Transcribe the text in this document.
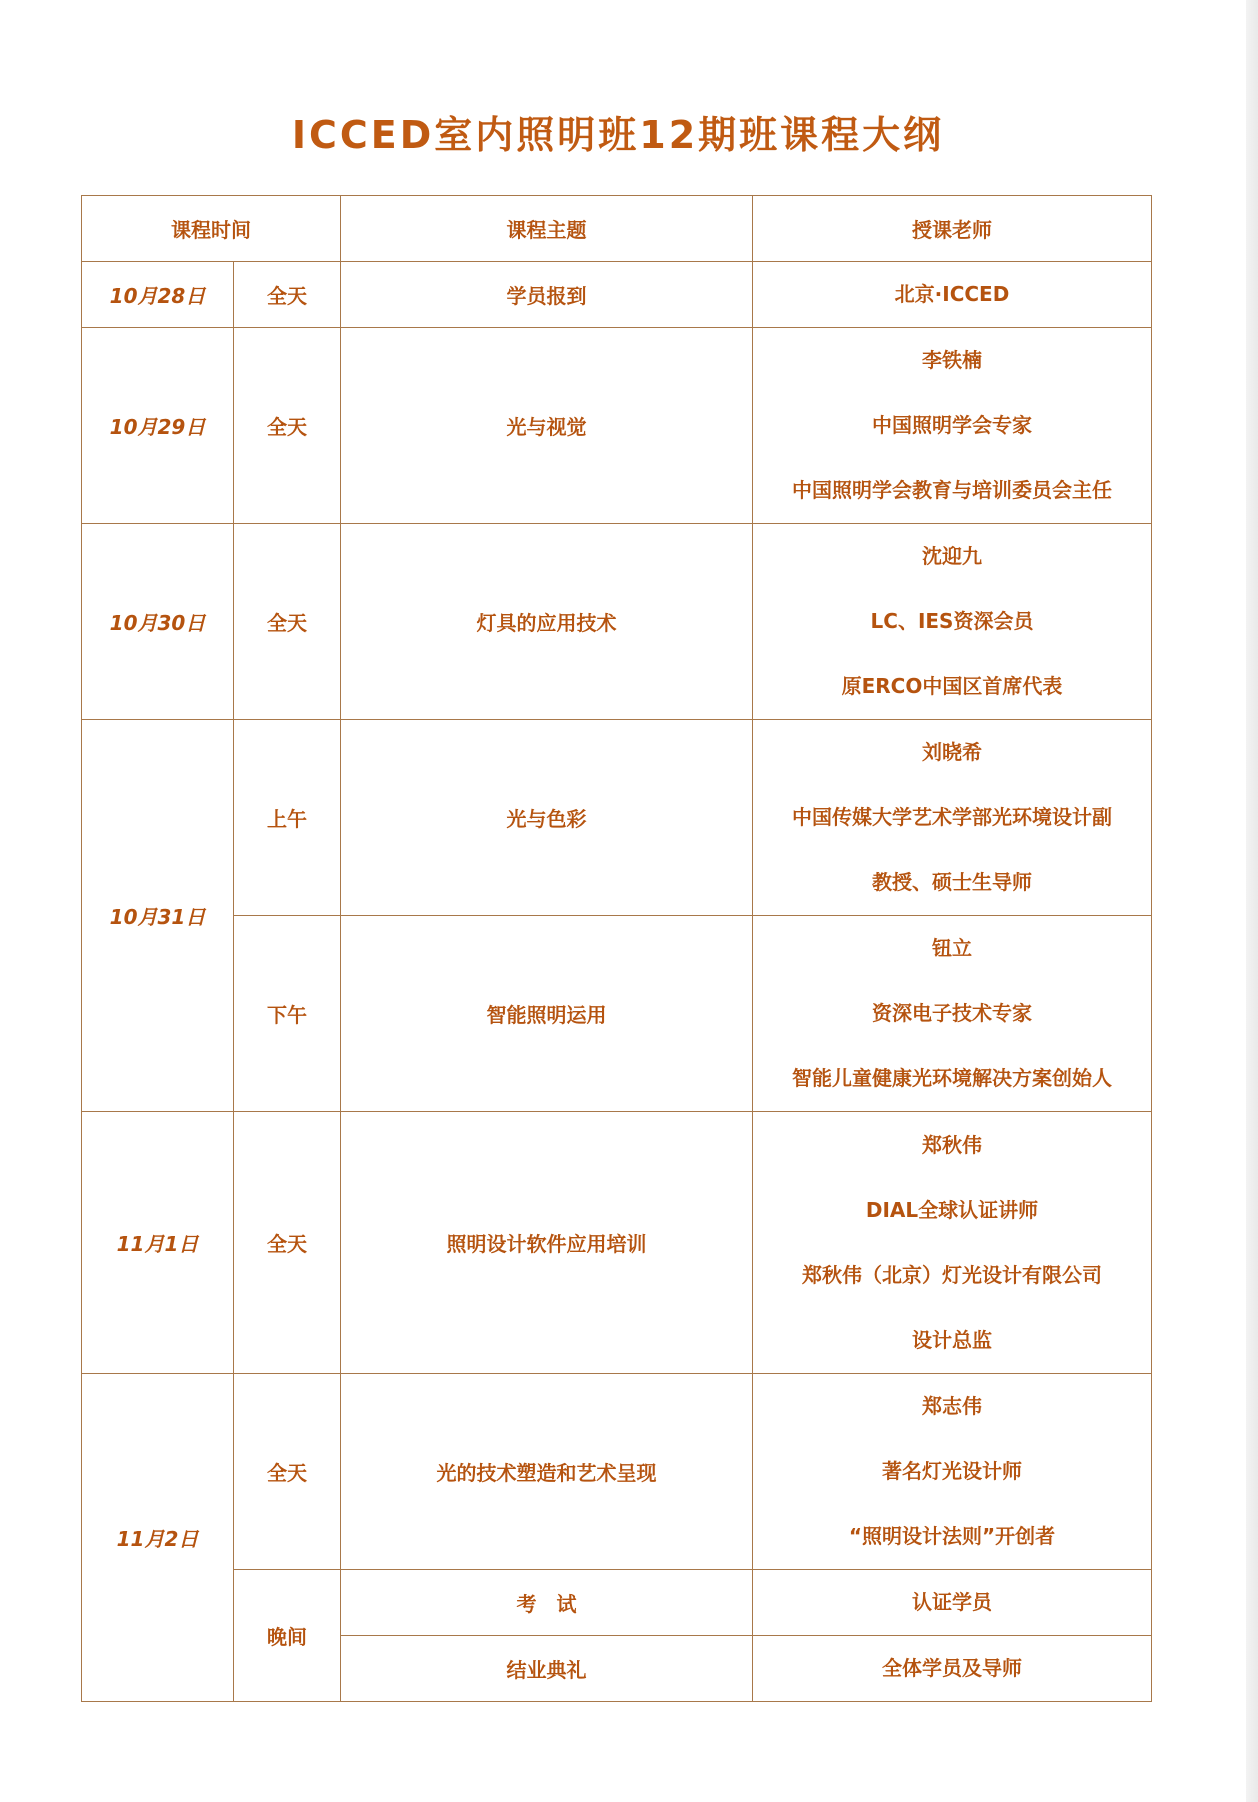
ICCED室内照明班12期班课程大纲
课程时间		课程主题	授课老师
10月28日	全天	学员报到	北京·ICCED

10月29日	全天	光与视觉	李铁楠
中国照明学会专家
中国照明学会教育与培训委员会主任

10月30日	全天	灯具的应用技术	沈迎九
LC、IES资深会员
原ERCO中国区首席代表

10月31日	上午	光与色彩	刘晓希
中国传媒大学艺术学部光环境设计副
教授、硕士生导师

	下午	智能照明运用	钮立
资深电子技术专家
智能儿童健康光环境解决方案创始人

11月1日	全天	照明设计软件应用培训	郑秋伟
DIAL全球认证讲师
郑秋伟（北京）灯光设计有限公司
设计总监

11月2日	全天	光的技术塑造和艺术呈现	郑志伟
著名灯光设计师
“照明设计法则”开创者

	晚间	考　试	认证学员

		结业典礼	全体学员及导师
